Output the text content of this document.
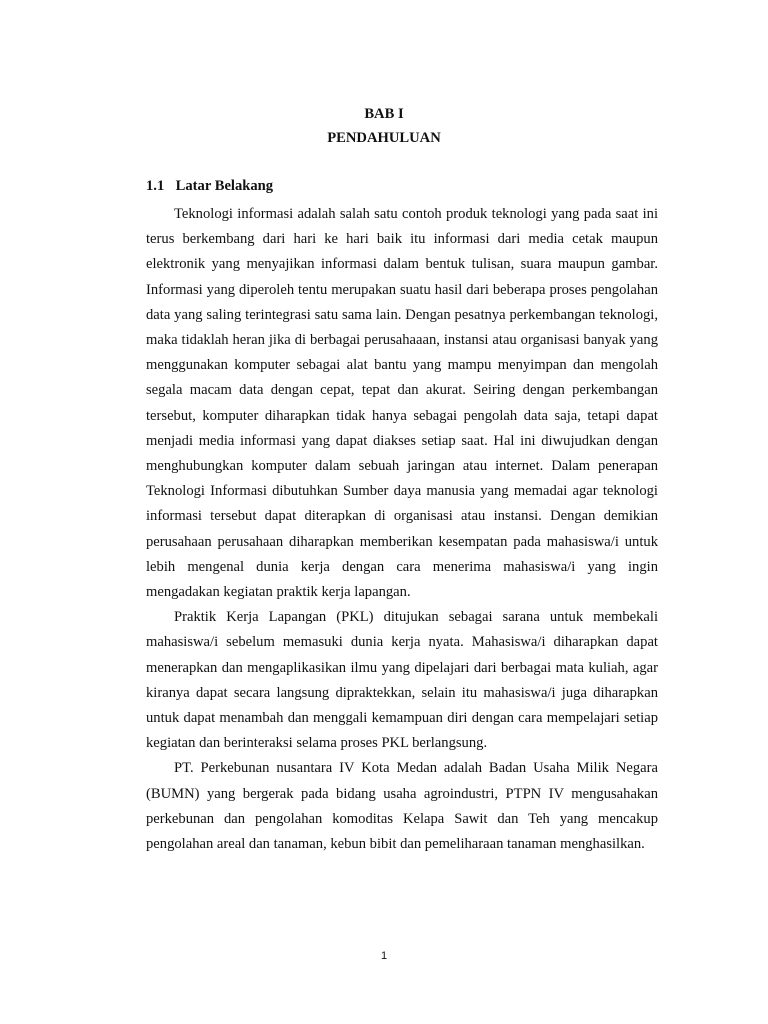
BAB I
PENDAHULUAN
1.1 Latar Belakang

Teknologi informasi adalah salah satu contoh produk teknologi yang pada saat ini terus berkembang dari hari ke hari baik itu informasi dari media cetak maupun elektronik yang menyajikan informasi dalam bentuk tulisan, suara maupun gambar. Informasi yang diperoleh tentu merupakan suatu hasil dari beberapa proses pengolahan data yang saling terintegrasi satu sama lain. Dengan pesatnya perkembangan teknologi, maka tidaklah heran jika di berbagai perusahaaan, instansi atau organisasi banyak yang menggunakan komputer sebagai alat bantu yang mampu menyimpan dan mengolah segala macam data dengan cepat, tepat dan akurat. Seiring dengan perkembangan tersebut, komputer diharapkan tidak hanya sebagai pengolah data saja, tetapi dapat menjadi media informasi yang dapat diakses setiap saat. Hal ini diwujudkan dengan menghubungkan komputer dalam sebuah jaringan atau internet. Dalam penerapan Teknologi Informasi dibutuhkan Sumber daya manusia yang memadai agar teknologi informasi tersebut dapat diterapkan di organisasi atau instansi. Dengan demikian perusahaan perusahaan diharapkan memberikan kesempatan pada mahasiswa/i untuk lebih mengenal dunia kerja dengan cara menerima mahasiswa/i yang ingin mengadakan kegiatan praktik kerja lapangan.

Praktik Kerja Lapangan (PKL) ditujukan sebagai sarana untuk membekali mahasiswa/i sebelum memasuki dunia kerja nyata. Mahasiswa/i diharapkan dapat menerapkan dan mengaplikasikan ilmu yang dipelajari dari berbagai mata kuliah, agar kiranya dapat secara langsung dipraktekkan, selain itu mahasiswa/i juga diharapkan untuk dapat menambah dan menggali kemampuan diri dengan cara mempelajari setiap kegiatan dan berinteraksi selama proses PKL berlangsung.

PT. Perkebunan nusantara IV Kota Medan adalah Badan Usaha Milik Negara (BUMN) yang bergerak pada bidang usaha agroindustri, PTPN IV mengusahakan perkebunan dan pengolahan komoditas Kelapa Sawit dan Teh yang mencakup pengolahan areal dan tanaman, kebun bibit dan pemeliharaan tanaman menghasilkan.

1
